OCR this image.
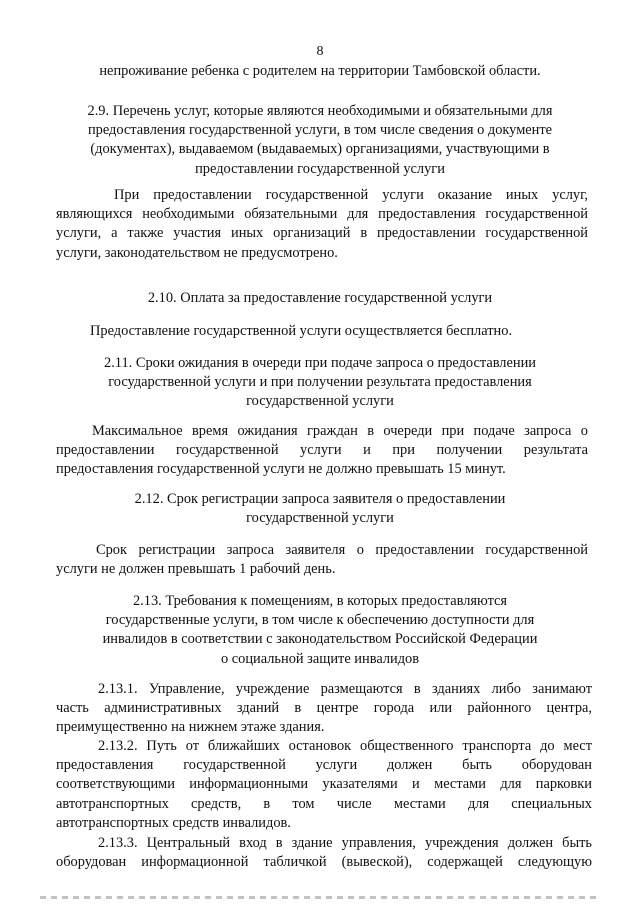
8
непроживание ребенка с родителем на территории Тамбовской области.
2.9. Перечень услуг, которые являются необходимыми и обязательными для
предоставления государственной услуги, в том числе сведения о документе
(документах), выдаваемом (выдаваемых) организациями, участвующими в
предоставлении государственной услуги
При предоставлении государственной услуги оказание иных услуг,
являющихся необходимыми обязательными для предоставления государственной
услуги, а также участия иных организаций в предоставлении государственной
услуги, законодательством не предусмотрено.
2.10. Оплата за предоставление государственной услуги
Предоставление государственной услуги осуществляется бесплатно.
2.11. Сроки ожидания в очереди при подаче запроса о предоставлении
государственной услуги и при получении результата предоставления
государственной услуги
Максимальное время ожидания граждан в очереди при подаче запроса о
предоставлении государственной услуги и при получении результата
предоставления государственной услуги не должно превышать 15 минут.
2.12. Срок регистрации запроса заявителя о предоставлении
государственной услуги
Срок регистрации запроса заявителя о предоставлении государственной
услуги не должен превышать 1 рабочий день.
2.13. Требования к помещениям, в которых предоставляются
государственные услуги, в том числе к обеспечению доступности для
инвалидов в соответствии с законодательством Российской Федерации
о социальной защите инвалидов
2.13.1. Управление, учреждение размещаются в зданиях либо занимают
часть административных зданий в центре города или районного центра,
преимущественно на нижнем этаже здания.
2.13.2. Путь от ближайших остановок общественного транспорта до мест
предоставления государственной услуги должен быть оборудован
соответствующими информационными указателями и местами для парковки
автотранспортных средств, в том числе местами для специальных
автотранспортных средств инвалидов.
2.13.3. Центральный вход в здание управления, учреждения должен быть
оборудован информационной табличкой (вывеской), содержащей следующую
